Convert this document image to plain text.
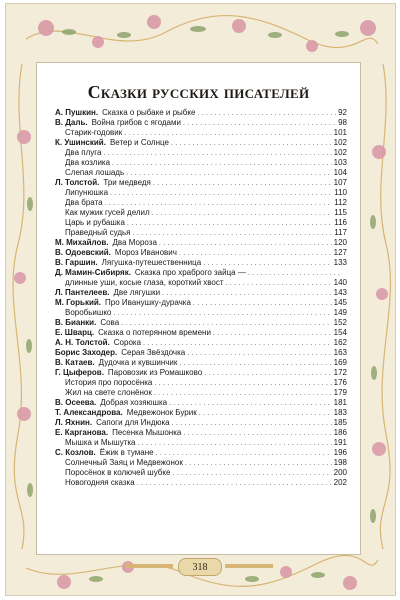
Сказки русских писателей
А. Пушкин. Сказка о рыбаке и рыбке . . .	92
В. Даль. Война грибов с ягодами . . .	98
Старик-годовик . . .	101
К. Ушинский. Ветер и Солнце . . .	102
Два плуга . . .	102
Два козлика . . .	103
Слепая лошадь . . .	104
Л. Толстой. Три медведя . . .	107
Липунюшка . . .	110
Два брата . . .	112
Как мужик гусей делил . . .	115
Царь и рубашка . . .	116
Праведный судья . . .	117
М. Михайлов. Два Мороза . . .	120
В. Одоевский. Мороз Иванович . . .	127
В. Гаршин. Лягушка-путешественница . . .	133
Д. Мамин-Сибиряк. Сказка про храброго зайца —
. . .
длинные уши, косые глаза, короткий хвост . . .	140
Л. Пантелеев. Две лягушки . . .	143
М. Горький. Про Иванушку-дурачка . . .	145
Воробьишко . . .	149
В. Бианки. Сова . . .	152
Е. Шварц. Сказка о потерянном времени . . .	154
А. Н. Толстой. Сорока . . .	162
Борис Заходер. Серая Звёздочка . . .	163
В. Катаев. Дудочка и кувшинчик . . .	169
Г. Цыферов. Паровозик из Ромашково . . .	172
История про поросёнка . . .	176
Жил на свете слонёнок . . .	179
В. Осеева. Добрая хозяюшка . . .	181
Т. Александрова. Медвежонок Бурик . . .	183
Л. Яхнин. Сапоги для Индюка . . .	185
Е. Карганова. Песенка Мышонка . . .	186
Мышка и Мышутка . . .	191
С. Козлов. Ёжик в тумане . . .	196
Солнечный Заяц и Медвежонок . . .	198
Поросёнок в колючей шубке . . .	200
Новогодняя сказка . . .	202
318
